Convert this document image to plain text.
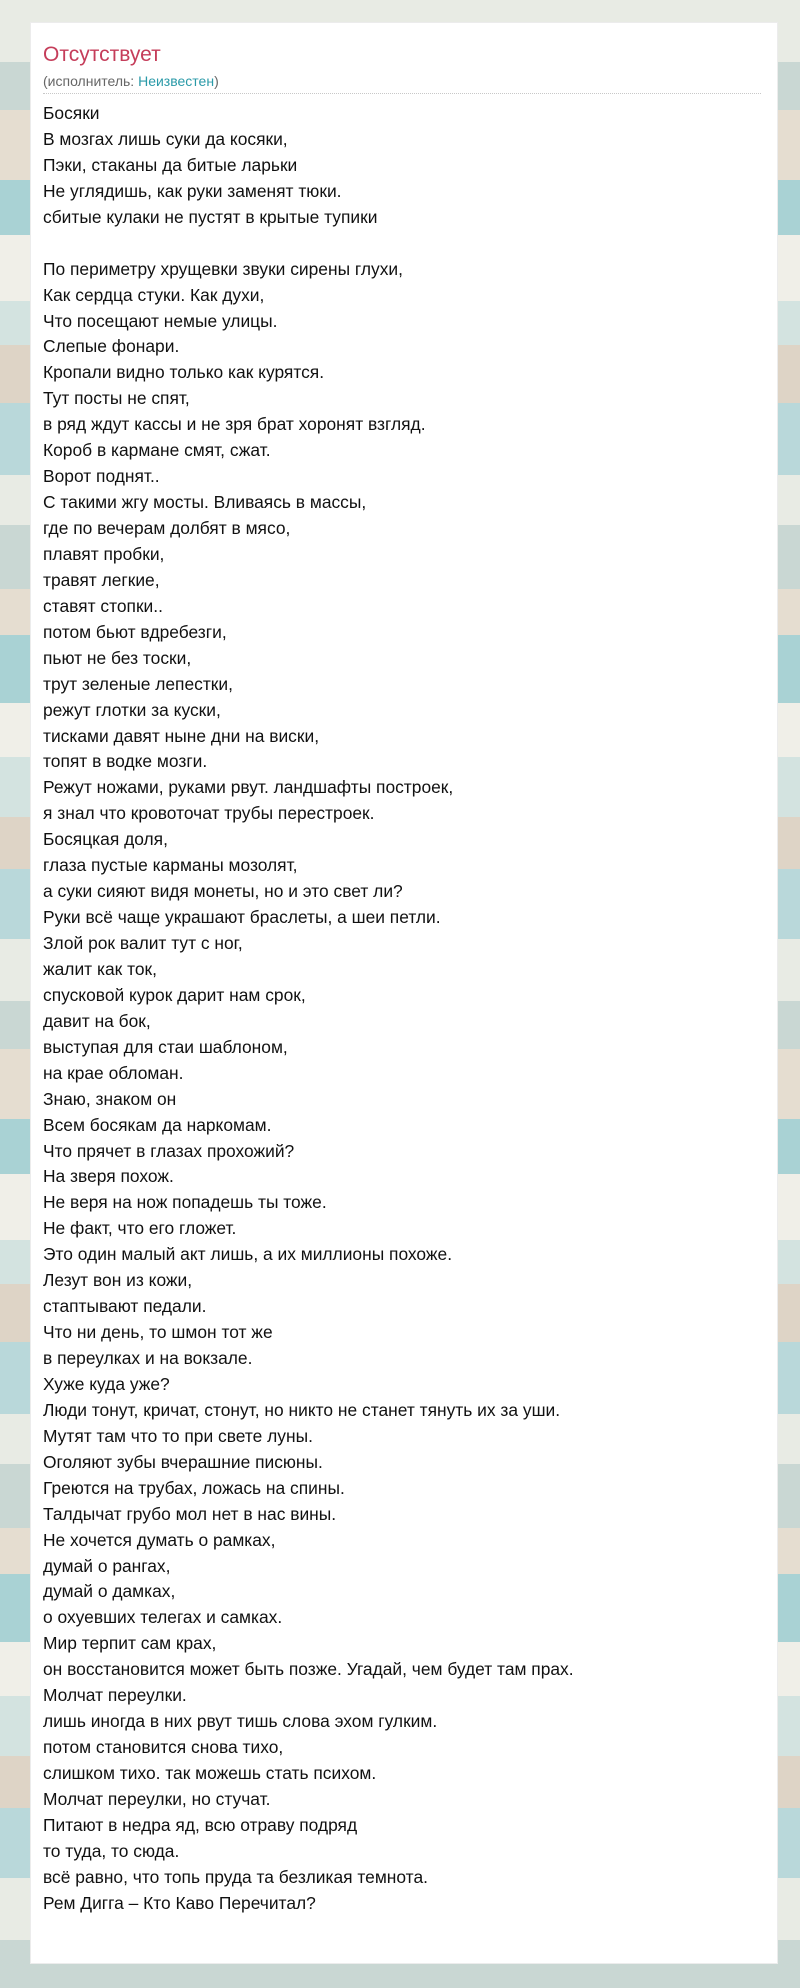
Отсутствует
(исполнитель: Неизвестен)
Босяки
В мозгах лишь суки да косяки,
Пэки, стаканы да битые ларьки
Не углядишь, как руки заменят тюки.
сбитые кулаки не пустят в крытые тупики
По периметру хрущевки звуки сирены глухи,
Как сердца стуки. Как духи,
Что посещают немые улицы.
Слепые фонари.
Кропали видно только как курятся.
Тут посты не спят,
в ряд ждут кассы и не зря брат хоронят взгляд.
Короб в кармане смят, сжат.
Ворот поднят..
С такими жгу мосты. Вливаясь в массы,
где по вечерам долбят в мясо,
плавят пробки,
травят легкие,
ставят стопки..
потом бьют вдребезги,
пьют не без тоски,
трут зеленые лепестки,
режут глотки за куски,
тисками давят ныне дни на виски,
топят в водке мозги.
Режут ножами, руками рвут. ландшафты построек,
я знал что кровоточат трубы перестроек.
Босяцкая доля,
глаза пустые карманы мозолят,
а суки сияют видя монеты, но и это свет ли?
Руки всё чаще украшают браслеты, а шеи петли.
Злой рок валит тут с ног,
жалит как ток,
спусковой курок дарит нам срок,
давит на бок,
выступая для стаи шаблоном,
на крае обломан.
Знаю, знаком он
Всем босякам да наркомам.
Что прячет в глазах прохожий?
На зверя похож.
Не веря на нож попадешь ты тоже.
Не факт, что его гложет.
Это один малый акт лишь, а их миллионы похоже.
Лезут вон из кожи,
стаптывают педали.
Что ни день, то шмон тот же
в переулках и на вокзале.
Хуже куда уже?
Люди тонут, кричат, стонут, но никто не станет тянуть их за уши.
Мутят там что то при свете луны.
Оголяют зубы вчерашние писюны.
Греются на трубах, ложась на спины.
Талдычат грубо мол нет в нас вины.
Не хочется думать о рамках,
думай о рангах,
думай о дамках,
о охуевших телегах и самках.
Мир терпит сам крах,
он восстановится может быть позже. Угадай, чем будет там прах.
Молчат переулки.
лишь иногда в них рвут тишь слова эхом гулким.
потом становится снова тихо,
слишком тихо. так можешь стать психом.
Молчат переулки, но стучат.
Питают в недра яд, всю отраву подряд
то туда, то сюда.
всё равно, что топь пруда та безликая темнота.
Рем Дигга – Кто Каво Перечитал?
